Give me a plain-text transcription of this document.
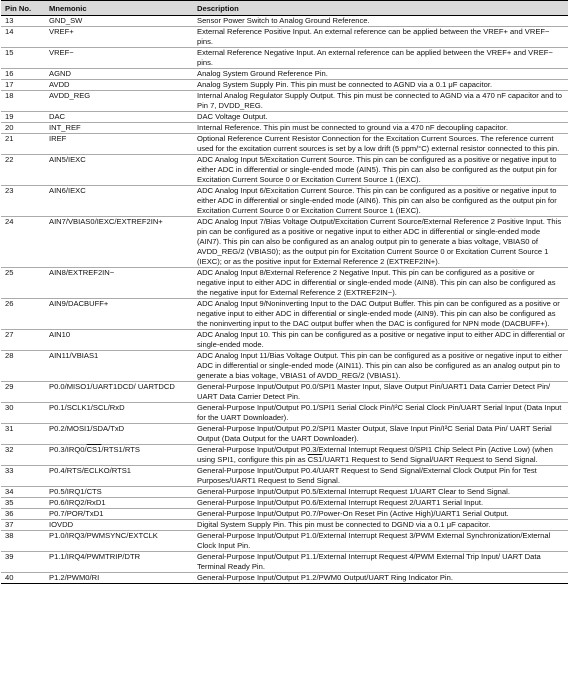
Pin No.	Mnemonic	Description
13	GND_SW	Sensor Power Switch to Analog Ground Reference.
14	VREF+	External Reference Positive Input. An external reference can be applied between the VREF+ and VREF− pins.
15	VREF−	External Reference Negative Input. An external reference can be applied between the VREF+ and VREF− pins.
16	AGND	Analog System Ground Reference Pin.
17	AVDD	Analog System Supply Pin. This pin must be connected to AGND via a 0.1 μF capacitor.
18	AVDD_REG	Internal Analog Regulator Supply Output. This pin must be connected to AGND via a 470 nF capacitor and to Pin 7, DVDD_REG.
19	DAC	DAC Voltage Output.
20	INT_REF	Internal Reference. This pin must be connected to ground via a 470 nF decoupling capacitor.
21	IREF	Optional Reference Current Resistor Connection for the Excitation Current Sources. The reference current used for the excitation current sources is set by a low drift (5 ppm/°C) external resistor connected to this pin.
22	AIN5/IEXC	ADC Analog Input 5/Excitation Current Source. This pin can be configured as a positive or negative input to either ADC in differential or single-ended mode (AIN5). This pin can also be configured as the output pin for Excitation Current Source 0 or Excitation Current Source 1 (IEXC).
23	AIN6/IEXC	ADC Analog Input 6/Excitation Current Source. This pin can be configured as a positive or negative input to either ADC in differential or single-ended mode (AIN6). This pin can also be configured as the output pin for Excitation Current Source 0 or Excitation Current Source 1 (IEXC).
24	AIN7/VBIAS0/IEXC/EXTREF2IN+	ADC Analog Input 7/Bias Voltage Output/Excitation Current Source/External Reference 2 Positive Input. This pin can be configured as a positive or negative input to either ADC in differential or single-ended mode (AIN7). This pin can also be configured as an analog output pin to generate a bias voltage, VBIAS0 of AVDD_REG/2 (VBIAS0); as the output pin for Excitation Current Source 0 or Excitation Current Source 1 (IEXC); or as the positive input for External Reference 2 (EXTREF2IN+).
25	AIN8/EXTREF2IN−	ADC Analog Input 8/External Reference 2 Negative Input. This pin can be configured as a positive or negative input to either ADC in differential or single-ended mode (AIN8). This pin can also be configured as the negative input for External Reference 2 (EXTREF2IN−).
26	AIN9/DACBUFF+	ADC Analog Input 9/Noninverting Input to the DAC Output Buffer. This pin can be configured as a positive or negative input to either ADC in differential or single-ended mode (AIN9). This pin can also be configured as the noninverting input to the DAC output buffer when the DAC is configured for NPN mode (DACBUFF+).
27	AIN10	ADC Analog Input 10. This pin can be configured as a positive or negative input to either ADC in differential or single-ended mode.
28	AIN11/VBIAS1	ADC Analog Input 11/Bias Voltage Output. This pin can be configured as a positive or negative input to either ADC in differential or single-ended mode (AIN11). This pin can also be configured as an analog output pin to generate a bias voltage, VBIAS1 of AVDD_REG/2 (VBIAS1).
29	P0.0/MISO1/UART1DCD/ UARTDCD	General-Purpose Input/Output P0.0/SPI1 Master Input, Slave Output Pin/UART1 Data Carrier Detect Pin/ UART Data Carrier Detect Pin.
30	P0.1/SCLK1/SCL/RxD	General-Purpose Input/Output P0.1/SPI1 Serial Clock Pin/I²C Serial Clock Pin/UART Serial Input (Data Input for the UART Downloader).
31	P0.2/MOSI1/SDA/TxD	General-Purpose Input/Output P0.2/SPI1 Master Output, Slave Input Pin/I²C Serial Data Pin/ UART Serial Output (Data Output for the UART Downloader).
32	P0.3/IRQ0/CS1/RTS1/RTS	General-Purpose Input/Output P0.3/External Interrupt Request 0/SPI1 Chip Select Pin (Active Low) (when using SPI1, configure this pin as CS1/UART1 Request to Send Signal/UART Request to Send Signal.
33	P0.4/RTS/ECLKO/RTS1	General-Purpose Input/Output P0.4/UART Request to Send Signal/External Clock Output Pin for Test Purposes/UART1 Request to Send Signal.
34	P0.5/IRQ1/CTS	General-Purpose Input/Output P0.5/External Interrupt Request 1/UART Clear to Send Signal.
35	P0.6/IRQ2/RxD1	General-Purpose Input/Output P0.6/External Interrupt Request 2/UART1 Serial Input.
36	P0.7/POR/TxD1	General-Purpose Input/Output P0.7/Power-On Reset Pin (Active High)/UART1 Serial Output.
37	IOVDD	Digital System Supply Pin. This pin must be connected to DGND via a 0.1 μF capacitor.
38	P1.0/IRQ3/PWMSYNC/EXTCLK	General-Purpose Input/Output P1.0/External Interrupt Request 3/PWM External Synchronization/External Clock Input Pin.
39	P1.1/IRQ4/PWMTRIP/DTR	General-Purpose Input/Output P1.1/External Interrupt Request 4/PWM External Trip Input/ UART Data Terminal Ready Pin.
40	P1.2/PWM0/RI	General-Purpose Input/Output P1.2/PWM0 Output/UART Ring Indicator Pin.
